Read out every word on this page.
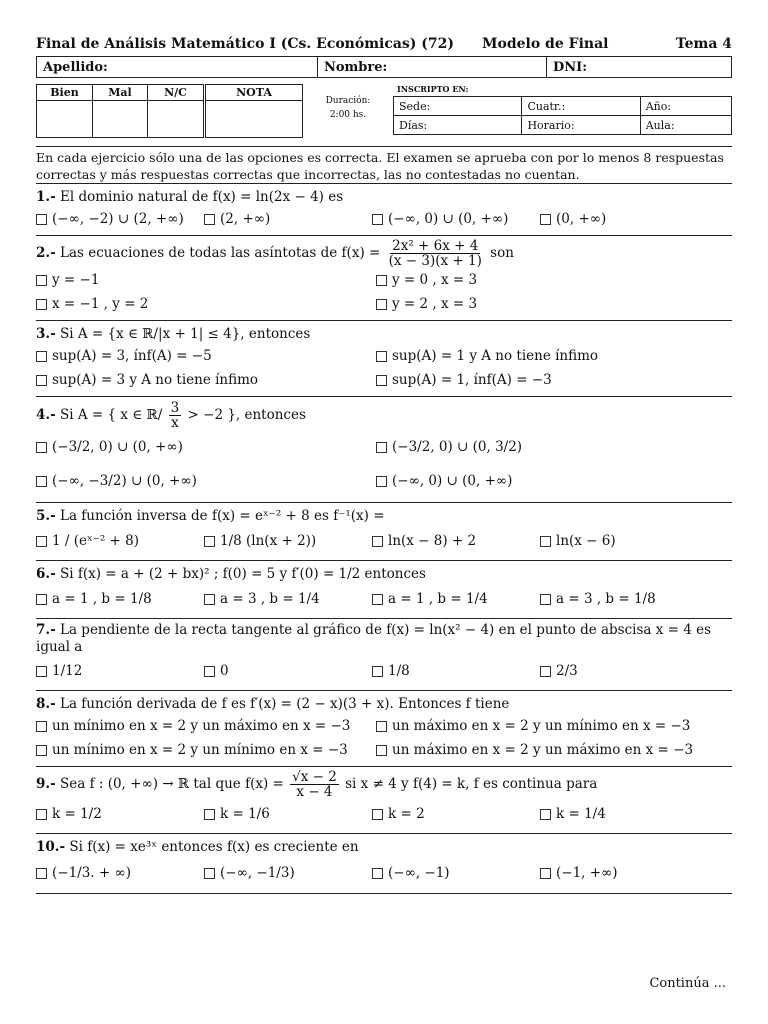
Final de Análisis Matemático I (Cs. Económicas) (72)	Modelo de Final	Tema 4
Apellido:	Nombre:	DNI:
Bien	Mal	N/C	NOTA

Duración:
2:00 hs.
INSCRIPTO EN:
Sede:	Cuatr.:	Año:
Días:	Horario:	Aula:
En cada ejercicio sólo una de las opciones es correcta. El examen se aprueba con por lo menos 8 respuestas correctas y más respuestas correctas que incorrectas, las no contestadas no cuentan.
1.- El dominio natural de f(x) = ln(2x − 4) es
(−∞, −2) ∪ (2, +∞)	(2, +∞)	(−∞, 0) ∪ (0, +∞)	(0, +∞)
2.- Las ecuaciones de todas las asíntotas de $f(x) = \frac{\text{2x² + 6x + 4}}{(x - 3)(x + 1)}$ son
y = −1	y = 0 , x = 3
x = −1 , y = 2	y = 2 , x = 3
3.- Si A = {x ∈ ℝ/|x + 1| ≤ 4}, entonces
sup(A) = 3, ínf(A) = −5	sup(A) = 1 y A no tiene ínfimo
sup(A) = 3 y A no tiene ínfimo	sup(A) = 1, ínf(A) = −3
4.- Si A = { x ∈ ℝ/ $\frac{3}{x} > -2$ }, entonces
(−3/2, 0) ∪ (0, +∞)	(−3/2, 0) ∪ (0, 3/2)
(−∞, −3/2) ∪ (0, +∞)	(−∞, 0) ∪ (0, +∞)
5.- La función inversa de f(x) = eˣ⁻² + 8 es f⁻¹(x) =
1 / (eˣ⁻² + 8)	1/8 (ln(x + 2))	ln(x − 8) + 2	ln(x − 6)
6.- Si f(x) = a + (2 + bx)² ; f(0) = 5 y f′(0) = 1/2 entonces
a = 1 , b = 1/8	a = 3 , b = 1/4	a = 1 , b = 1/4	a = 3 , b = 1/8
7.- La pendiente de la recta tangente al gráfico de f(x) = ln(x² − 4) en el punto de abscisa x = 4 es igual a
1/12	0	1/8	2/3
8.- La función derivada de f es f′(x) = (2 − x)(3 + x). Entonces f tiene
un mínimo en x = 2 y un máximo en x = −3	un máximo en x = 2 y un mínimo en x = −3
un mínimo en x = 2 y un mínimo en x = −3	un máximo en x = 2 y un máximo en x = −3
9.- Sea f : (0, +∞) → ℝ tal que $f(x) = \frac{√x - 2}{x - 4}$ si x ≠ 4 y f(4) = k, f es continua para
k = 1/2	k = 1/6	k = 2	k = 1/4
10.- Si f(x) = xe³ˣ entonces f(x) es creciente en
(−1/3. + ∞)	(−∞, −1/3)	(−∞, −1)	(−1, +∞)
Continúa ...
